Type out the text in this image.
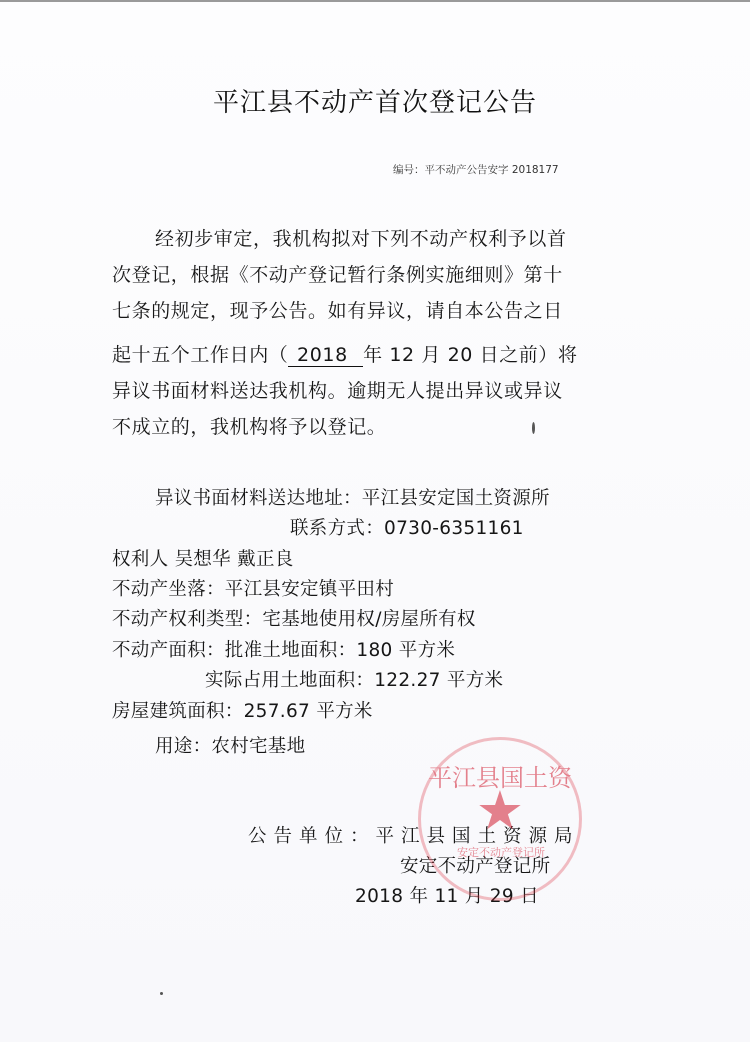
平江县不动产首次登记公告
编号：平不动产公告安字 2018177
经初步审定，我机构拟对下列不动产权利予以首
次登记，根据《不动产登记暂行条例实施细则》第十
七条的规定，现予公告。如有异议，请自本公告之日
起十五个工作日内（ 2018 年 12 月 20 日之前）将
异议书面材料送达我机构。逾期无人提出异议或异议
不成立的，我机构将予以登记。
异议书面材料送达地址：平江县安定国土资源所
联系方式：0730-6351161
权利人 吴想华 戴正良
不动产坐落：平江县安定镇平田村
不动产权利类型：宅基地使用权/房屋所有权
不动产面积：批准土地面积：180 平方米
实际占用土地面积：122.27 平方米
房屋建筑面积：257.67 平方米
用途：农村宅基地
公告单位：平江县国土资源局
安定不动产登记所
2018 年 11 月 29 日
平江县国土资
★
安定不动产登记所
